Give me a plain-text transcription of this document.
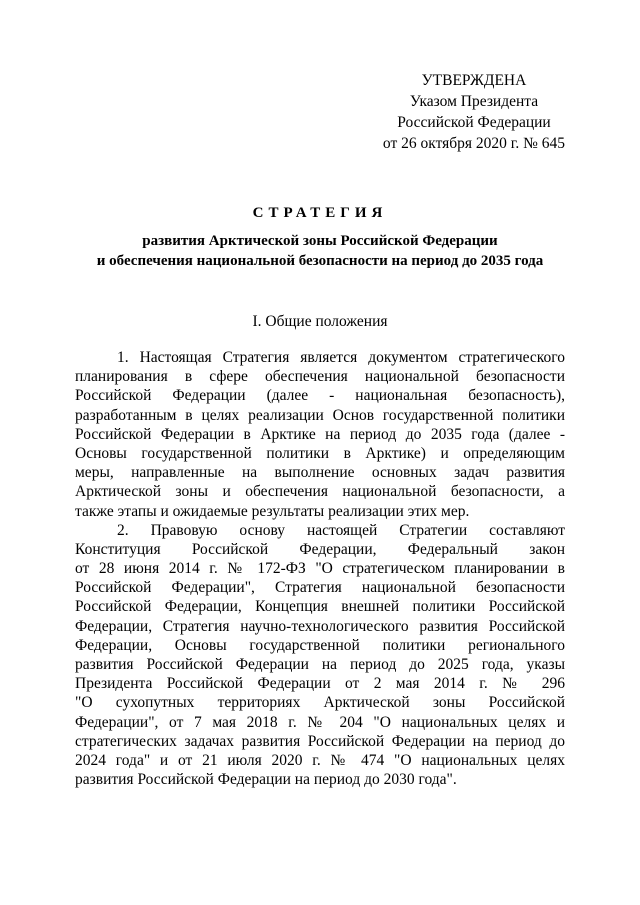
УТВЕРЖДЕНА
Указом Президента
Российской Федерации
от 26 октября 2020 г. № 645
СТРАТЕГИЯ
развития Арктической зоны Российской Федерации
и обеспечения национальной безопасности на период до 2035 года
I. Общие положения
1. Настоящая Стратегия является документом стратегического
планирования в сфере обеспечения национальной безопасности
Российской Федерации (далее - национальная безопасность),
разработанным в целях реализации Основ государственной политики
Российской Федерации в Арктике на период до 2035 года (далее -
Основы государственной политики в Арктике) и определяющим
меры, направленные на выполнение основных задач развития
Арктической зоны и обеспечения национальной безопасности, а
также этапы и ожидаемые результаты реализации этих мер.
2. Правовую основу настоящей Стратегии составляют
Конституция Российской Федерации, Федеральный закон
от 28 июня 2014 г. № 172-ФЗ "О стратегическом планировании в
Российской Федерации", Стратегия национальной безопасности
Российской Федерации, Концепция внешней политики Российской
Федерации, Стратегия научно-технологического развития Российской
Федерации, Основы государственной политики регионального
развития Российской Федерации на период до 2025 года, указы
Президента Российской Федерации от 2 мая 2014 г. № 296
"О сухопутных территориях Арктической зоны Российской
Федерации", от 7 мая 2018 г. № 204 "О национальных целях и
стратегических задачах развития Российской Федерации на период до
2024 года" и от 21 июля 2020 г. № 474 "О национальных целях
развития Российской Федерации на период до 2030 года".
